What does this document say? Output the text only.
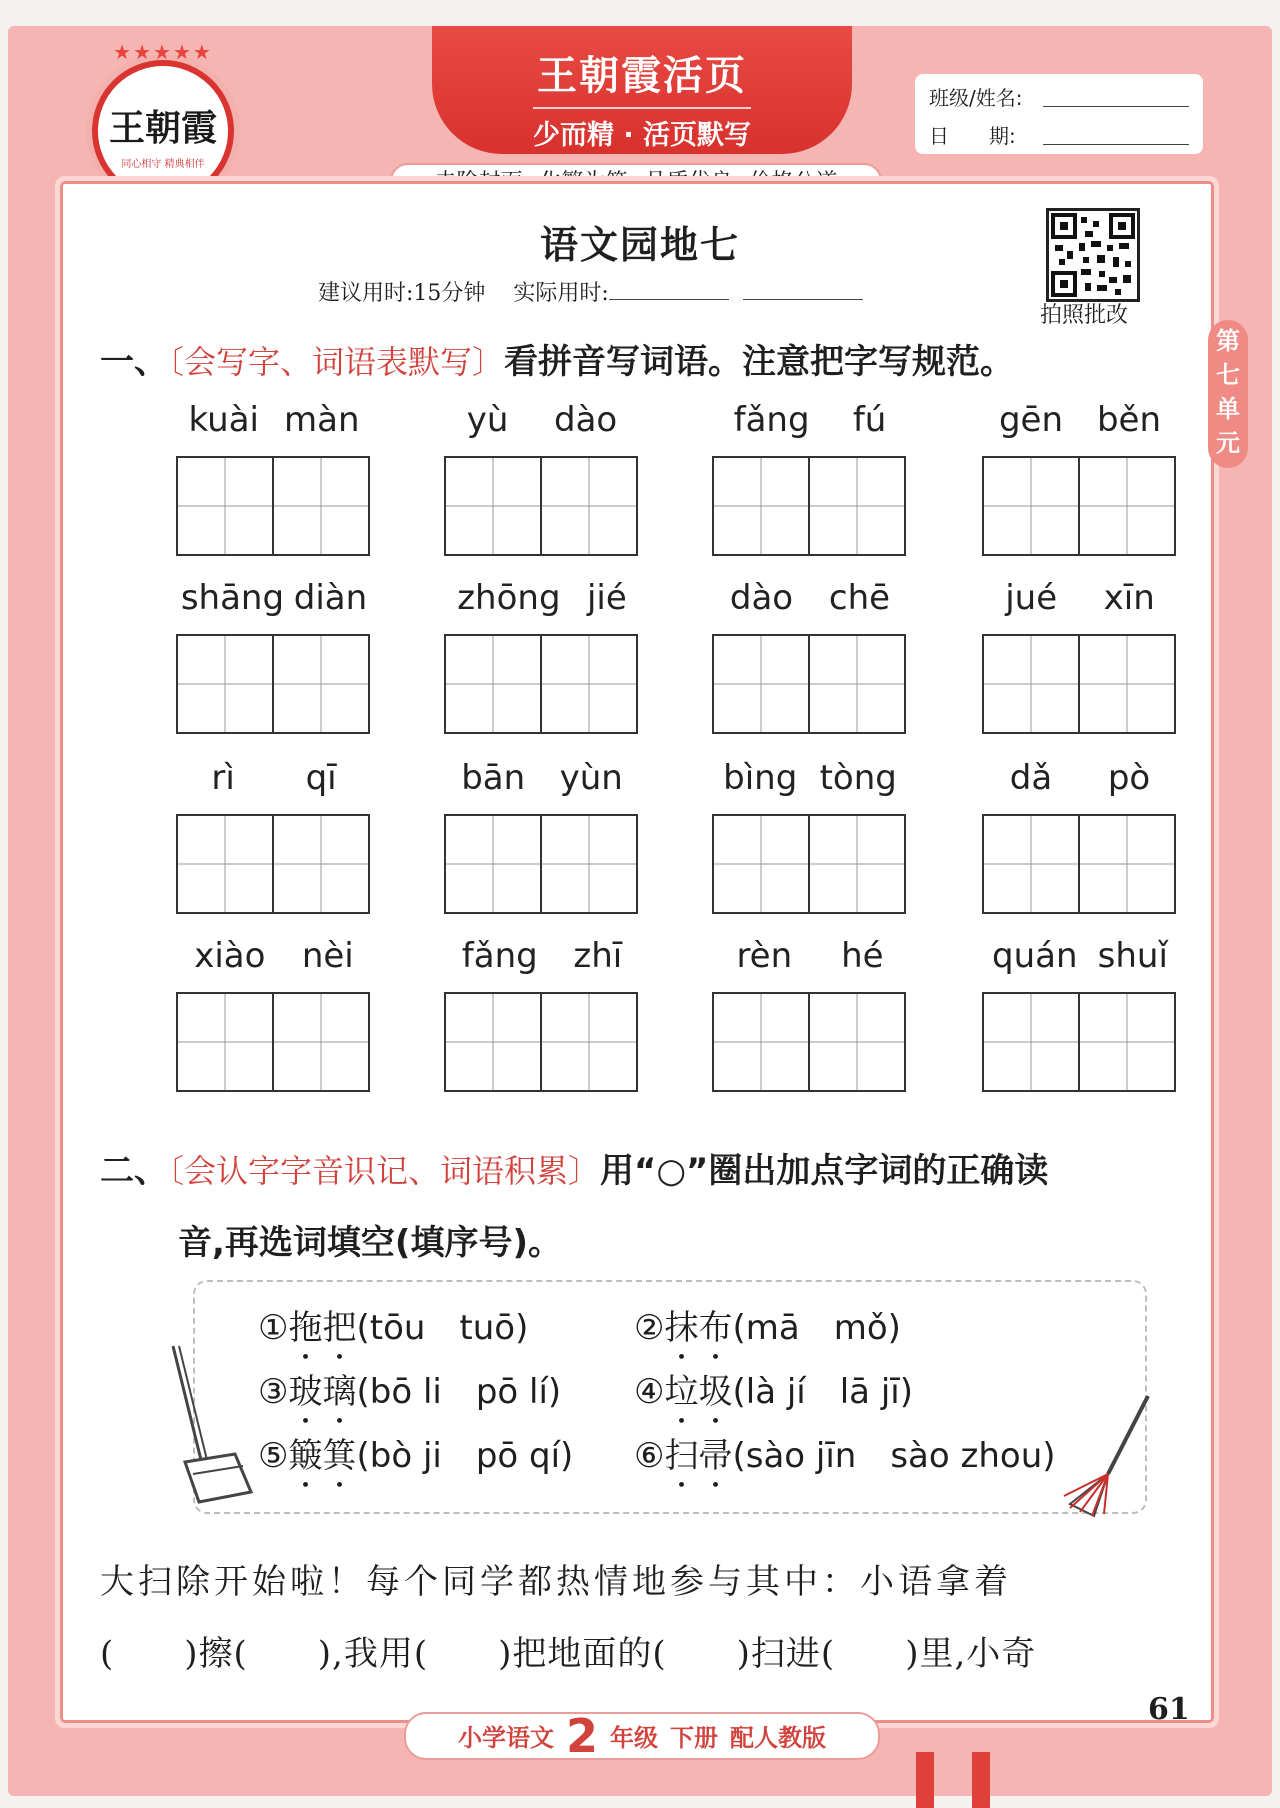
★★★★★
王朝霞
同心相守 精典相伴
王朝霞活页
少而精 · 活页默写
班级/姓名:
日　　期:
语文园地七
建议用时:15分钟 实际用时:
拍照批改
第
七
单
元
一、〔会写字、词语表默写〕看拼音写词语。注意把字写规范。
kuài màn	yù dào	fǎng fú	gēn běn
shāng diàn	zhōng jié	dào chē	jué xīn
rì qī	bān yùn	bìng tòng	dǎ pò
xiào nèi	fǎng zhī	rèn hé	quán shuǐ
二、〔会认字字音识记、词语积累〕用“○”圈出加点字词的正确读
音,再选词填空(填序号)。
①拖把(tōu　tuō)	②抹布(mā　mǒ)
③玻璃(bō li　pō lí) ④垃圾(là jí　lā jī)
⑤簸箕(bò ji　pō qí) ⑥扫帚(sào jīn　sào zhou)
大扫除开始啦！每个同学都热情地参与其中：小语拿着
(　　)擦(　　),我用(　　)把地面的(　　)扫进(　　)里,小奇
61
小学语文 2 年级 下册 配人教版
